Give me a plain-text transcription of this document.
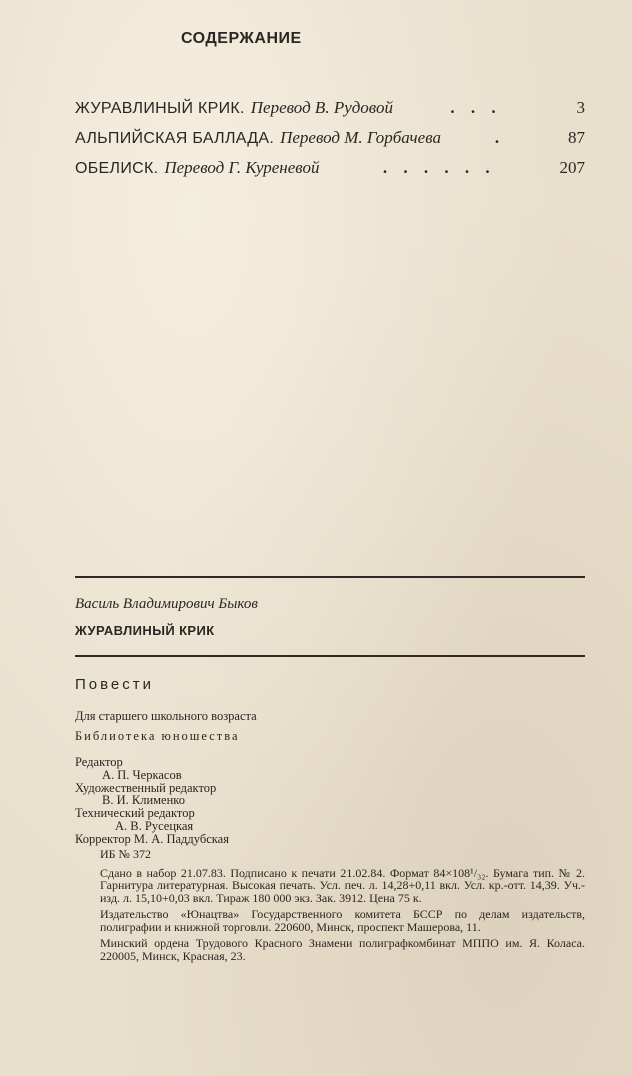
СОДЕРЖАНИЕ
ЖУРАВЛИНЫЙ КРИК. Перевод В. Рудовой	. . .	3
АЛЬПИЙСКАЯ БАЛЛАДА. Перевод М. Горбачева	.	87
ОБЕЛИСК. Перевод Г. Куреневой	. . . . . .	207
Василь Владимирович Быков
ЖУРАВЛИНЫЙ КРИК
Повести
Для старшего школьного возраста
Библиотека юношества
Редактор
А. П. Черкасов
Художественный редактор
В. И. Клименко
Технический редактор
А. В. Русецкая
Корректор М. А. Паддубская

ИБ № 372

Сдано в набор 21.07.83. Подписано к печати 21.02.84. Формат 84×108¹/₃₂. Бумага тип. № 2. Гарнитура литературная. Высокая печать. Усл. печ. л. 14,28+0,11 вкл. Усл. кр.-отт. 14,39. Уч.-изд. л. 15,10+0,03 вкл. Тираж 180 000 экз. Зак. 3912. Цена 75 к.

Издательство «Юнацтва» Государственного комитета БССР по делам издательств, полиграфии и книжной торговли. 220600, Минск, проспект Машерова, 11.

Минский ордена Трудового Красного Знамени полиграфкомбинат МППО им. Я. Коласа. 220005, Минск, Красная, 23.
